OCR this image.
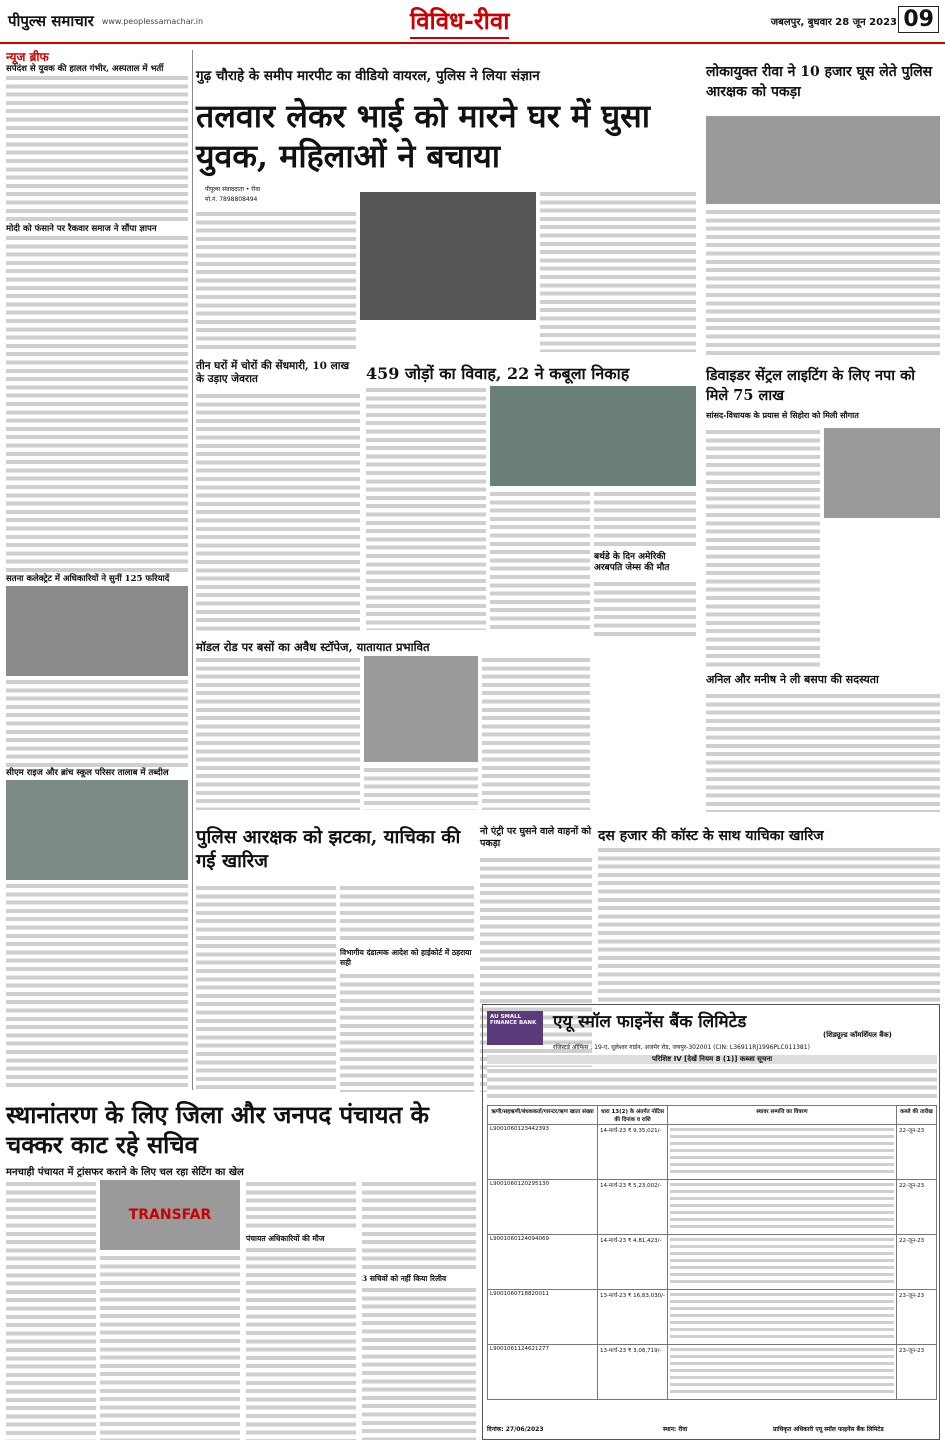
पीपुल्स समाचार www.peoplessamachar.in	विविध-रीवा	जबलपुर, बुधवार 28 जून 2023 09
न्यूज ब्रीफ
सर्पदंश से युवक की हालत गंभीर, अस्पताल में भर्ती
मोदी को फंसाने पर रैकवार समाज ने सौंपा ज्ञापन
सतना कलेक्ट्रेट में अधिकारियों ने सुनीं 125 फरियादें
सीएम राइज और ब्रांच स्कूल परिसर तालाब में तब्दील
गुढ़ चौराहे के समीप मारपीट का वीडियो वायरल, पुलिस ने लिया संज्ञान
तलवार लेकर भाई को मारने घर में घुसा युवक, महिलाओं ने बचाया
पीपुल्स संवाददाता • रीवा
मो.नं. 7898808494
लोकायुक्त रीवा ने 10 हजार घूस लेते पुलिस आरक्षक को पकड़ा
तीन घरों में चोरों की सेंधमारी, 10 लाख के उड़ाए जेवरात	459 जोड़ों का विवाह, 22 ने कबूला निकाह
बर्थडे के दिन अमेरिकी अरबपति जेम्स की मौत
डिवाइडर सेंट्रल लाइटिंग के लिए नपा को मिले 75 लाख
सांसद-विधायक के प्रयास से सिहोरा को मिली सौगात
मॉडल रोड पर बसों का अवैध स्टॉपेज, यातायात प्रभावित
अनिल और मनीष ने ली बसपा की सदस्यता
पुलिस आरक्षक को झटका, याचिका की गई खारिज
विभागीय दंडात्मक आदेश को हाईकोर्ट में ठहराया सही
नो एंट्री पर घुसने वाले वाहनों को पकड़ा	दस हजार की कॉस्ट के साथ याचिका खारिज
स्थानांतरण के लिए जिला और जनपद पंचायत के चक्कर काट रहे सचिव
मनचाही पंचायत में ट्रांसफर कराने के लिए चल रहा सेटिंग का खेल
TRANSFAR
पंचायत अधिकारियों की मौज
3 सचिवों को नहीं किया रिलीव
AU SMALL FINANCE BANK एयू स्मॉल फाइनेंस बैंक लिमिटेड
(शिड्यूल्ड कॉमर्शियल बैंक)
रजिस्टर्ड ऑफिस : 19-ए, धूलेश्वर गार्डन, अजमेर रोड, जयपुर-302001 (CIN: L36911RJ1996PLC011381)
परिशिष्ट IV [देखें नियम 8 (1)] कब्जा सूचना
ऋणी/सहऋणी/बंधककर्ता/गारन्टर/ऋण खाता संख्या	धारा 13(2) के अंतर्गत नोटिस की दिनांक व राशि	स्थावर सम्पत्ति का विवरण	कब्जे की तारीख
L9001060123442393	14-मार्च-23 ₹ 9,35,021/-		22-जून-23
L9001060120295130	14-मार्च-23 ₹ 5,23,002/-		22-जून-23
L9001060124094069	14-मार्च-23 ₹ 4,81,423/-		22-जून-23
L9001060718820011	13-मार्च-23 ₹ 16,83,030/-		23-जून-23
L9001061124621277	13-मार्च-23 ₹ 3,08,719/-		23-जून-23
दिनांक: 27/06/2023	स्थान: रीवा	प्राधिकृत अधिकारी एयू स्मॉल फाइनेंस बैंक लिमिटेड
